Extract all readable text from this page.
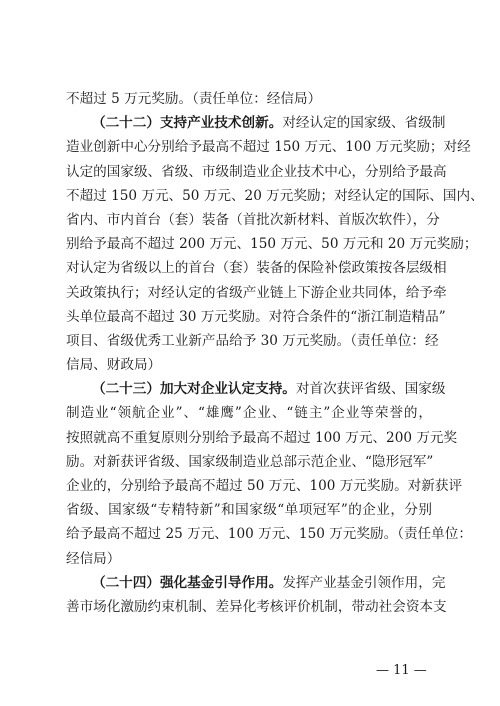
不超过 5 万元奖励。（责任单位：经信局）
（二十二）支持产业技术创新。对经认定的国家级、省级制
造业创新中心分别给予最高不超过 150 万元、100 万元奖励；对经
认定的国家级、省级、市级制造业企业技术中心，分别给予最高
不超过 150 万元、50 万元、20 万元奖励；对经认定的国际、国内、
省内、市内首台（套）装备（首批次新材料、首版次软件），分
别给予最高不超过 200 万元、150 万元、50 万元和 20 万元奖励；
对认定为省级以上的首台（套）装备的保险补偿政策按各层级相
关政策执行；对经认定的省级产业链上下游企业共同体，给予牵
头单位最高不超过 30 万元奖励。对符合条件的“浙江制造精品”
项目、省级优秀工业新产品给予 30 万元奖励。（责任单位：经
信局、财政局）
（二十三）加大对企业认定支持。对首次获评省级、国家级
制造业“领航企业”、“雄鹰”企业、“链主”企业等荣誉的，
按照就高不重复原则分别给予最高不超过 100 万元、200 万元奖
励。对新获评省级、国家级制造业总部示范企业、“隐形冠军”
企业的，分别给予最高不超过 50 万元、100 万元奖励。对新获评
省级、国家级“专精特新”和国家级“单项冠军”的企业，分别
给予最高不超过 25 万元、100 万元、150 万元奖励。（责任单位：
经信局）
（二十四）强化基金引导作用。发挥产业基金引领作用，完
善市场化激励约束机制、差异化考核评价机制，带动社会资本支
— 11 —
